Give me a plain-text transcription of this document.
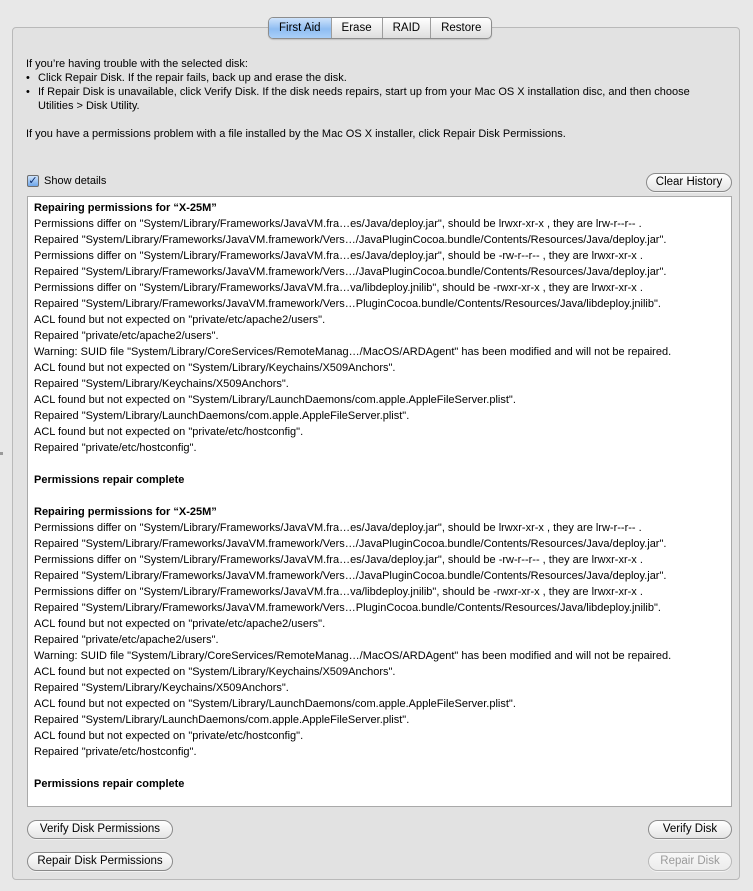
First Aid	Erase	RAID	Restore

If you’re having trouble with the selected disk:

• Click Repair Disk. If the repair fails, back up and erase the disk.
• If Repair Disk is unavailable, click Verify Disk. If the disk needs repairs, start up from your Mac OS X installation disc, and then choose Utilities > Disk Utility.

If you have a permissions problem with a file installed by the Mac OS X installer, click Repair Disk Permissions.

✓ Show details	Clear History
Repairing permissions for “X-25M”
Permissions differ on "System/Library/Frameworks/JavaVM.fra…es/Java/deploy.jar", should be lrwxr-xr-x , they are lrw-r--r-- .
Repaired "System/Library/Frameworks/JavaVM.framework/Vers…/JavaPluginCocoa.bundle/Contents/Resources/Java/deploy.jar".
Permissions differ on "System/Library/Frameworks/JavaVM.fra…es/Java/deploy.jar", should be -rw-r--r-- , they are lrwxr-xr-x .
Repaired "System/Library/Frameworks/JavaVM.framework/Vers…/JavaPluginCocoa.bundle/Contents/Resources/Java/deploy.jar".
Permissions differ on "System/Library/Frameworks/JavaVM.fra…va/libdeploy.jnilib", should be -rwxr-xr-x , they are lrwxr-xr-x .
Repaired "System/Library/Frameworks/JavaVM.framework/Vers…PluginCocoa.bundle/Contents/Resources/Java/libdeploy.jnilib".
ACL found but not expected on "private/etc/apache2/users".
Repaired "private/etc/apache2/users".
Warning: SUID file "System/Library/CoreServices/RemoteManag…/MacOS/ARDAgent" has been modified and will not be repaired.
ACL found but not expected on "System/Library/Keychains/X509Anchors".
Repaired "System/Library/Keychains/X509Anchors".
ACL found but not expected on "System/Library/LaunchDaemons/com.apple.AppleFileServer.plist".
Repaired "System/Library/LaunchDaemons/com.apple.AppleFileServer.plist".
ACL found but not expected on "private/etc/hostconfig".
Repaired "private/etc/hostconfig".
Permissions repair complete
Repairing permissions for “X-25M”
Permissions differ on "System/Library/Frameworks/JavaVM.fra…es/Java/deploy.jar", should be lrwxr-xr-x , they are lrw-r--r-- .
Repaired "System/Library/Frameworks/JavaVM.framework/Vers…/JavaPluginCocoa.bundle/Contents/Resources/Java/deploy.jar".
Permissions differ on "System/Library/Frameworks/JavaVM.fra…es/Java/deploy.jar", should be -rw-r--r-- , they are lrwxr-xr-x .
Repaired "System/Library/Frameworks/JavaVM.framework/Vers…/JavaPluginCocoa.bundle/Contents/Resources/Java/deploy.jar".
Permissions differ on "System/Library/Frameworks/JavaVM.fra…va/libdeploy.jnilib", should be -rwxr-xr-x , they are lrwxr-xr-x .
Repaired "System/Library/Frameworks/JavaVM.framework/Vers…PluginCocoa.bundle/Contents/Resources/Java/libdeploy.jnilib".
ACL found but not expected on "private/etc/apache2/users".
Repaired "private/etc/apache2/users".
Warning: SUID file "System/Library/CoreServices/RemoteManag…/MacOS/ARDAgent" has been modified and will not be repaired.
ACL found but not expected on "System/Library/Keychains/X509Anchors".
Repaired "System/Library/Keychains/X509Anchors".
ACL found but not expected on "System/Library/LaunchDaemons/com.apple.AppleFileServer.plist".
Repaired "System/Library/LaunchDaemons/com.apple.AppleFileServer.plist".
ACL found but not expected on "private/etc/hostconfig".
Repaired "private/etc/hostconfig".
Permissions repair complete
Verify Disk Permissions
Repair Disk Permissions
Verify Disk
Repair Disk
